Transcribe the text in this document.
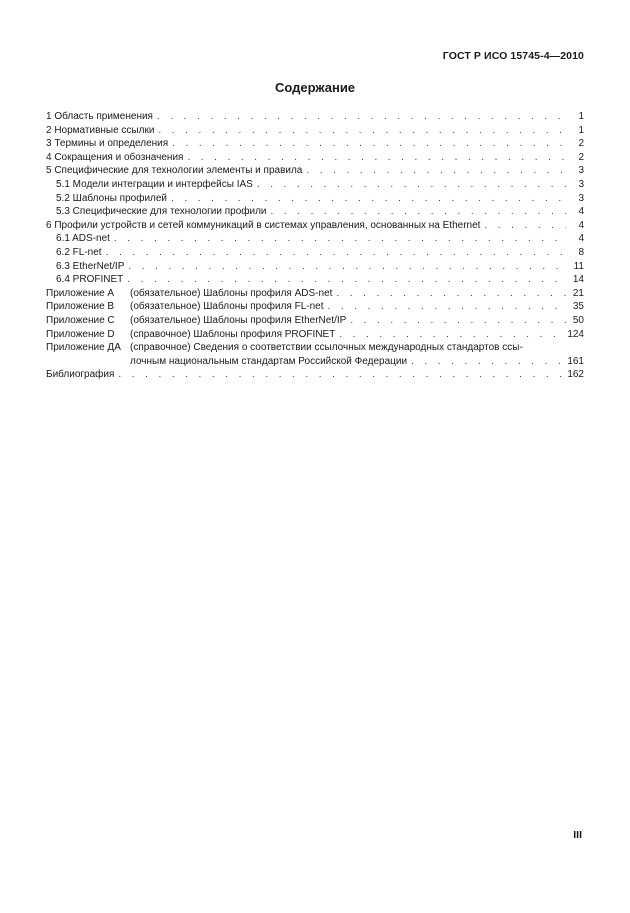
ГОСТ Р ИСО 15745-4—2010
Содержание
1 Область применения . . .	1
2 Нормативные ссылки . . .	1
3 Термины и определения . . .	2
4 Сокращения и обозначения . . .	2
5 Специфические для технологии элементы и правила . . .	3
5.1 Модели интеграции и интерфейсы IAS . . .	3
5.2 Шаблоны профилей . . .	3
5.3 Специфические для технологии профили . . .	4
6 Профили устройств и сетей коммуникаций в системах управления, основанных на Ethernet . . .	4
6.1 ADS-net . . .	4
6.2 FL-net . . .	8
6.3 EtherNet/IP . . .	11
6.4 PROFINET . . .	14
Приложение A	(обязательное) Шаблоны профиля ADS-net . . .	21
Приложение B	(обязательное) Шаблоны профиля FL-net . . .	35
Приложение C	(обязательное) Шаблоны профиля EtherNet/IP . . .	50
Приложение D	(справочное) Шаблоны профиля PROFINET . . .	124
Приложение ДА (справочное) Сведения о соответствии ссылочных международных стандартов ссы-
лочным национальным стандартам Российской Федерации . . .	161
Библиография . . .	162
III
